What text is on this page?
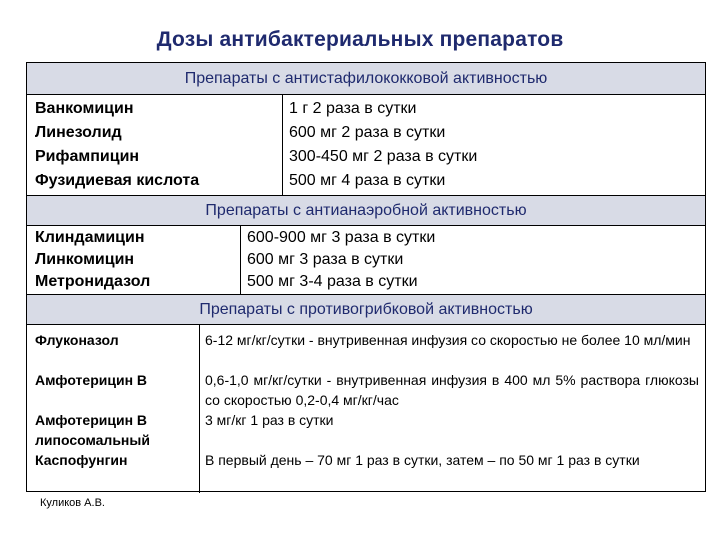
Дозы антибактериальных препаратов
Препараты с антистафилококковой активностью
Ванкомицин
Линезолид
Рифампицин
Фузидиевая кислота
1 г 2 раза в сутки
600 мг 2 раза в сутки
300-450 мг 2 раза в сутки
500 мг 4 раза в сутки
Препараты с антианаэробной активностью
Клиндамицин
Линкомицин
Метронидазол
600-900 мг 3 раза в сутки
600 мг 3 раза в сутки
500 мг 3-4 раза в сутки
Препараты с противогрибковой активностью
Флуконазол
Амфотерицин В
Амфотерицин В липосомальный
Каспофунгин
6-12 мг/кг/сутки - внутривенная инфузия со скоростью не более 10 мл/мин
0,6-1,0 мг/кг/сутки - внутривенная инфузия в 400 мл 5% раствора глюкозы со скоростью 0,2-0,4 мг/кг/час
3 мг/кг 1 раз в сутки
В первый день – 70 мг 1 раз в сутки, затем – по 50 мг 1 раз в сутки
Куликов А.В.
